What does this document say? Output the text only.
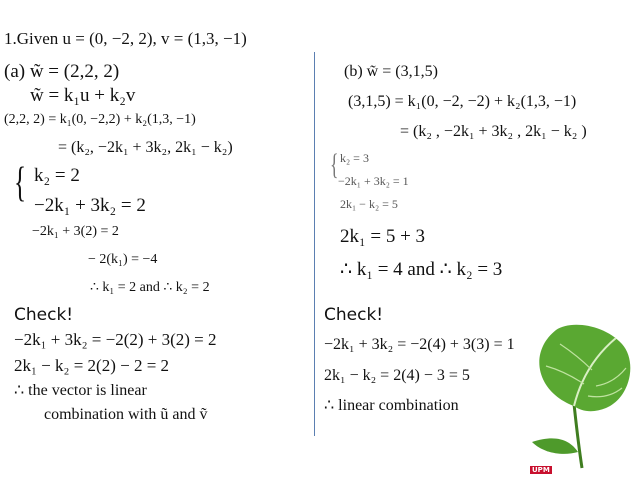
1.Given u = (0, −2, 2), v = (1,3, −1)
(a) w̃ = (2,2, 2)
w̃ = k₁u + k₂v
(2,2, 2) = k₁(0, −2,2) + k₂(1,3, −1)
= (k₂, −2k₁ + 3k₂, 2k₁ − k₂)
{ k₂ = 2
−2k₁ + 3k₂ = 2
−2k₁ + 3(2) = 2
− 2(k₁) = −4
∴ k₁ = 2 and ∴ k₂ = 2
Check!
−2k₁ + 3k₂ = −2(2) + 3(2) = 2
2k₁ − k₂ = 2(2) − 2 = 2
∴ the vector is linear
combination with ũ and ṽ
(b) w̃ = (3,1,5)
(3,1,5) = k₁(0, −2, −2) + k₂(1,3, −1)
= (k₂ , −2k₁ + 3k₂ , 2k₁ − k₂ )
{ k₂ = 3
−2k₁ + 3k₂ = 1
2k₁ − k₂ = 5
2k₁ = 5 + 3
∴ k₁ = 4 and ∴ k₂ = 3
Check!
−2k₁ + 3k₂ = −2(4) + 3(3) = 1
2k₁ − k₂ = 2(4) − 3 = 5
∴ linear combination
UPM
